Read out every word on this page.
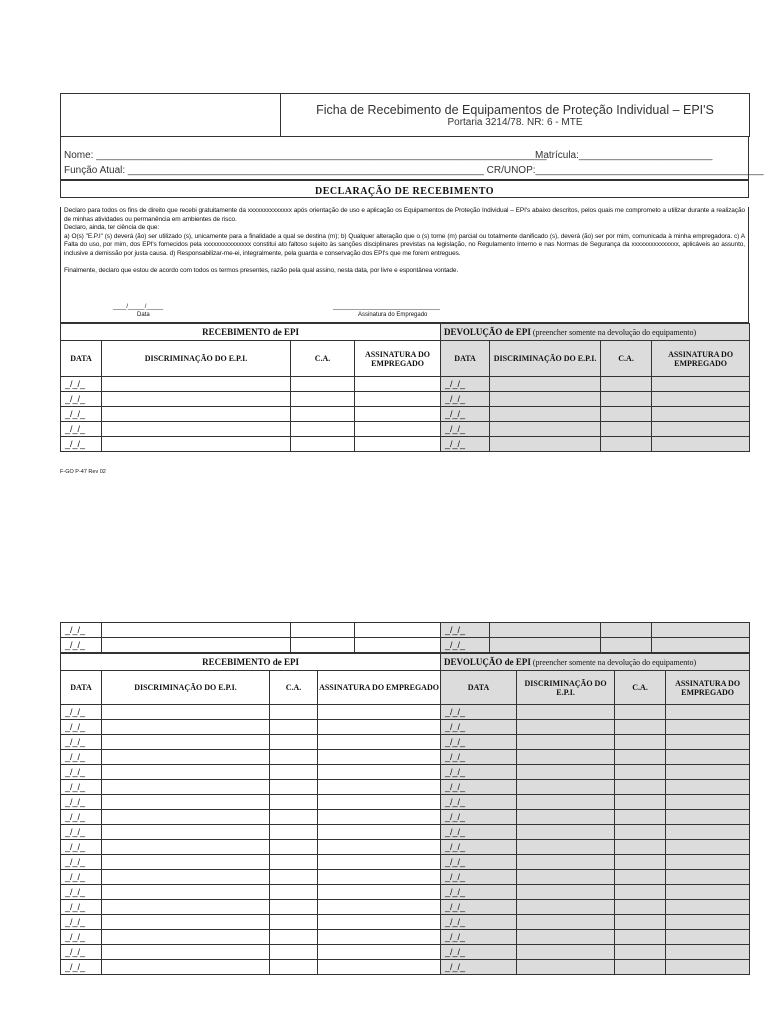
Ficha de Recebimento de Equipamentos de Proteção Individual – EPI'S
Portaria 3214/78. NR: 6 - MTE
Nome: _________________________________________________________________________________
Matrícula:________________________
Função Atual: ________________________________________________________________ CR/UNOP:_________________________________________
DECLARAÇÃO DE RECEBIMENTO
Declaro para todos os fins de direito que recebi gratuitamente da xxxxxxxxxxxxxx após orientação de uso e aplicação os Equipamentos de Proteção Individual – EPI's abaixo descritos, pelos quais me comprometo a utilizar durante a realização de minhas atividades ou permanência em ambientes de risco.
Declaro, ainda, ter ciência de que:
a) O(s) "E.P.I" (s) deverá (ão) ser utilizado (s), unicamente para a finalidade a qual se destina (m); b) Qualquer alteração que o (s) torne (m) parcial ou totalmente danificado (s), deverá (ão) ser por mim, comunicada à minha empregadora. c) A Falta do uso, por mim, dos EPI's fornecidos pela xxxxxxxxxxxxxxx constitui ato faltoso sujeito às sanções disciplinares previstas na legislação, no Regulamento Interno e nas Normas de Segurança da xxxxxxxxxxxxxxx, aplicáveis ao assunto, inclusive a demissão por justa causa. d) Responsabilizar-me-ei, integralmente, pela guarda e conservação dos EPI's que me forem entregues.
Finalmente, declaro que estou de acordo com todos os termos presentes, razão pela qual assino, nesta data, por livre e espontânea vontade.
____/_____/_____
Data
________________________________
Assinatura do Empregado
RECEBIMENTO de EPI				DEVOLUÇÃO de EPI (preencher somente na devolução do equipamento)			
DATA	DISCRIMINAÇÃO DO E.P.I.	C.A.	ASSINATURA DO EMPREGADO	DATA	DISCRIMINAÇÃO DO E.P.I.	C.A.	ASSINATURA DO EMPREGADO
_/_/_				_/_/_			
_/_/_				_/_/_			
_/_/_				_/_/_			
_/_/_				_/_/_			
_/_/_				_/_/_			
F-GO P-47 Rev 02
_/_/_				_/_/_			
_/_/_				_/_/_			
RECEBIMENTO de EPI				DEVOLUÇÃO de EPI (preencher somente na devolução do equipamento)			
DATA	DISCRIMINAÇÃO DO E.P.I.	C.A.	ASSINATURA DO EMPREGADO	DATA	DISCRIMINAÇÃO DO E.P.I.	C.A.	ASSINATURA DO EMPREGADO
_/_/_				_/_/_			
_/_/_				_/_/_			
_/_/_				_/_/_			
_/_/_				_/_/_			
_/_/_				_/_/_			
_/_/_				_/_/_			
_/_/_				_/_/_			
_/_/_				_/_/_			
_/_/_				_/_/_			
_/_/_				_/_/_			
_/_/_				_/_/_			
_/_/_				_/_/_			
_/_/_				_/_/_			
_/_/_				_/_/_			
_/_/_				_/_/_			
_/_/_				_/_/_			
_/_/_				_/_/_			
_/_/_				_/_/_			
